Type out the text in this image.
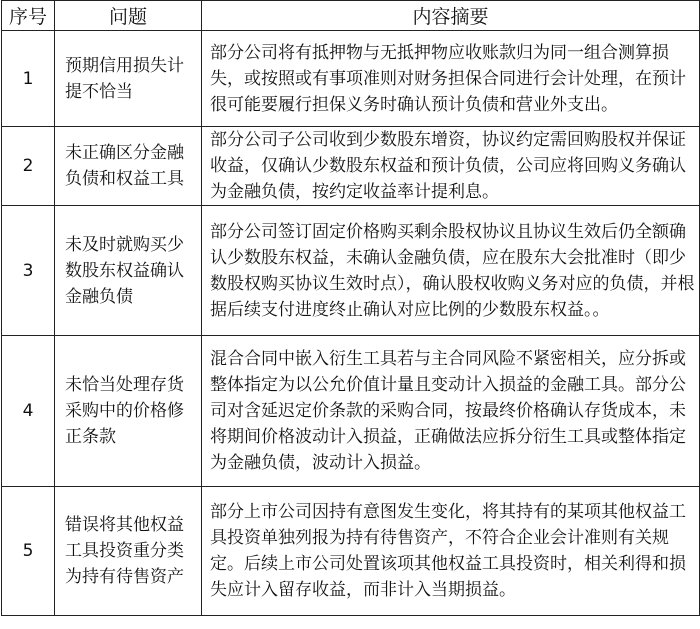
序号	问题	内容摘要
1	预期信用损失计提不恰当	部分公司将有抵押物与无抵押物应收账款归为同一组合测算损失，或按照或有事项准则对财务担保合同进行会计处理，在预计很可能要履行担保义务时确认预计负债和营业外支出。
2	未正确区分金融负债和权益工具	部分公司子公司收到少数股东增资，协议约定需回购股权并保证收益，仅确认少数股东权益和预计负债，公司应将回购义务确认为金融负债，按约定收益率计提利息。
3	未及时就购买少数股东权益确认金融负债	部分公司签订固定价格购买剩余股权协议且协议生效后仍全额确认少数股东权益，未确认金融负债，应在股东大会批准时（即少数股权购买协议生效时点），确认股权收购义务对应的负债，并根据后续支付进度终止确认对应比例的少数股东权益。。
4	未恰当处理存货采购中的价格修正条款	混合合同中嵌入衍生工具若与主合同风险不紧密相关，应分拆或整体指定为以公允价值计量且变动计入损益的金融工具。部分公司对含延迟定价条款的采购合同，按最终价格确认存货成本，未将期间价格波动计入损益，正确做法应拆分衍生工具或整体指定为金融负债，波动计入损益。
5	错误将其他权益工具投资重分类为持有待售资产	部分上市公司因持有意图发生变化，将其持有的某项其他权益工具投资单独列报为持有待售资产，不符合企业会计准则有关规定。后续上市公司处置该项其他权益工具投资时，相关利得和损失应计入留存收益，而非计入当期损益。
